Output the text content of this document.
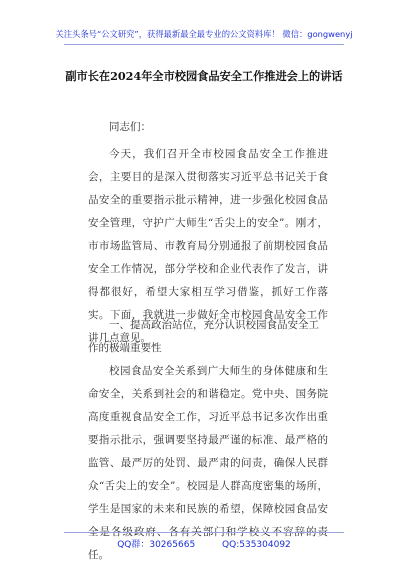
关注头条号“公文研究”，获得最新最全最专业的公文资料库！ 微信：gongwenyj
副市长在2024年全市校园食品安全工作推进会上的讲话
同志们：
今天，我们召开全市校园食品安全工作推进会，主要目的是深入贯彻落实习近平总书记关于食品安全的重要指示批示精神，进一步强化校园食品安全管理，守护广大师生“舌尖上的安全”。刚才，市市场监管局、市教育局分别通报了前期校园食品安全工作情况，部分学校和企业代表作了发言，讲得都很好，希望大家相互学习借鉴，抓好工作落实。下面，我就进一步做好全市校园食品安全工作讲几点意见。
一、提高政治站位，充分认识校园食品安全工作的极端重要性
校园食品安全关系到广大师生的身体健康和生命安全，关系到社会的和谐稳定。党中央、国务院高度重视食品安全工作，习近平总书记多次作出重要指示批示，强调要坚持最严谨的标准、最严格的监管、最严厉的处罚、最严肃的问责，确保人民群众“舌尖上的安全”。校园是人群高度密集的场所，学生是国家的未来和民族的希望，保障校园食品安全是各级政府、各有关部门和学校义不容辞的责任。
QQ群：30265665	QQ:535304092
